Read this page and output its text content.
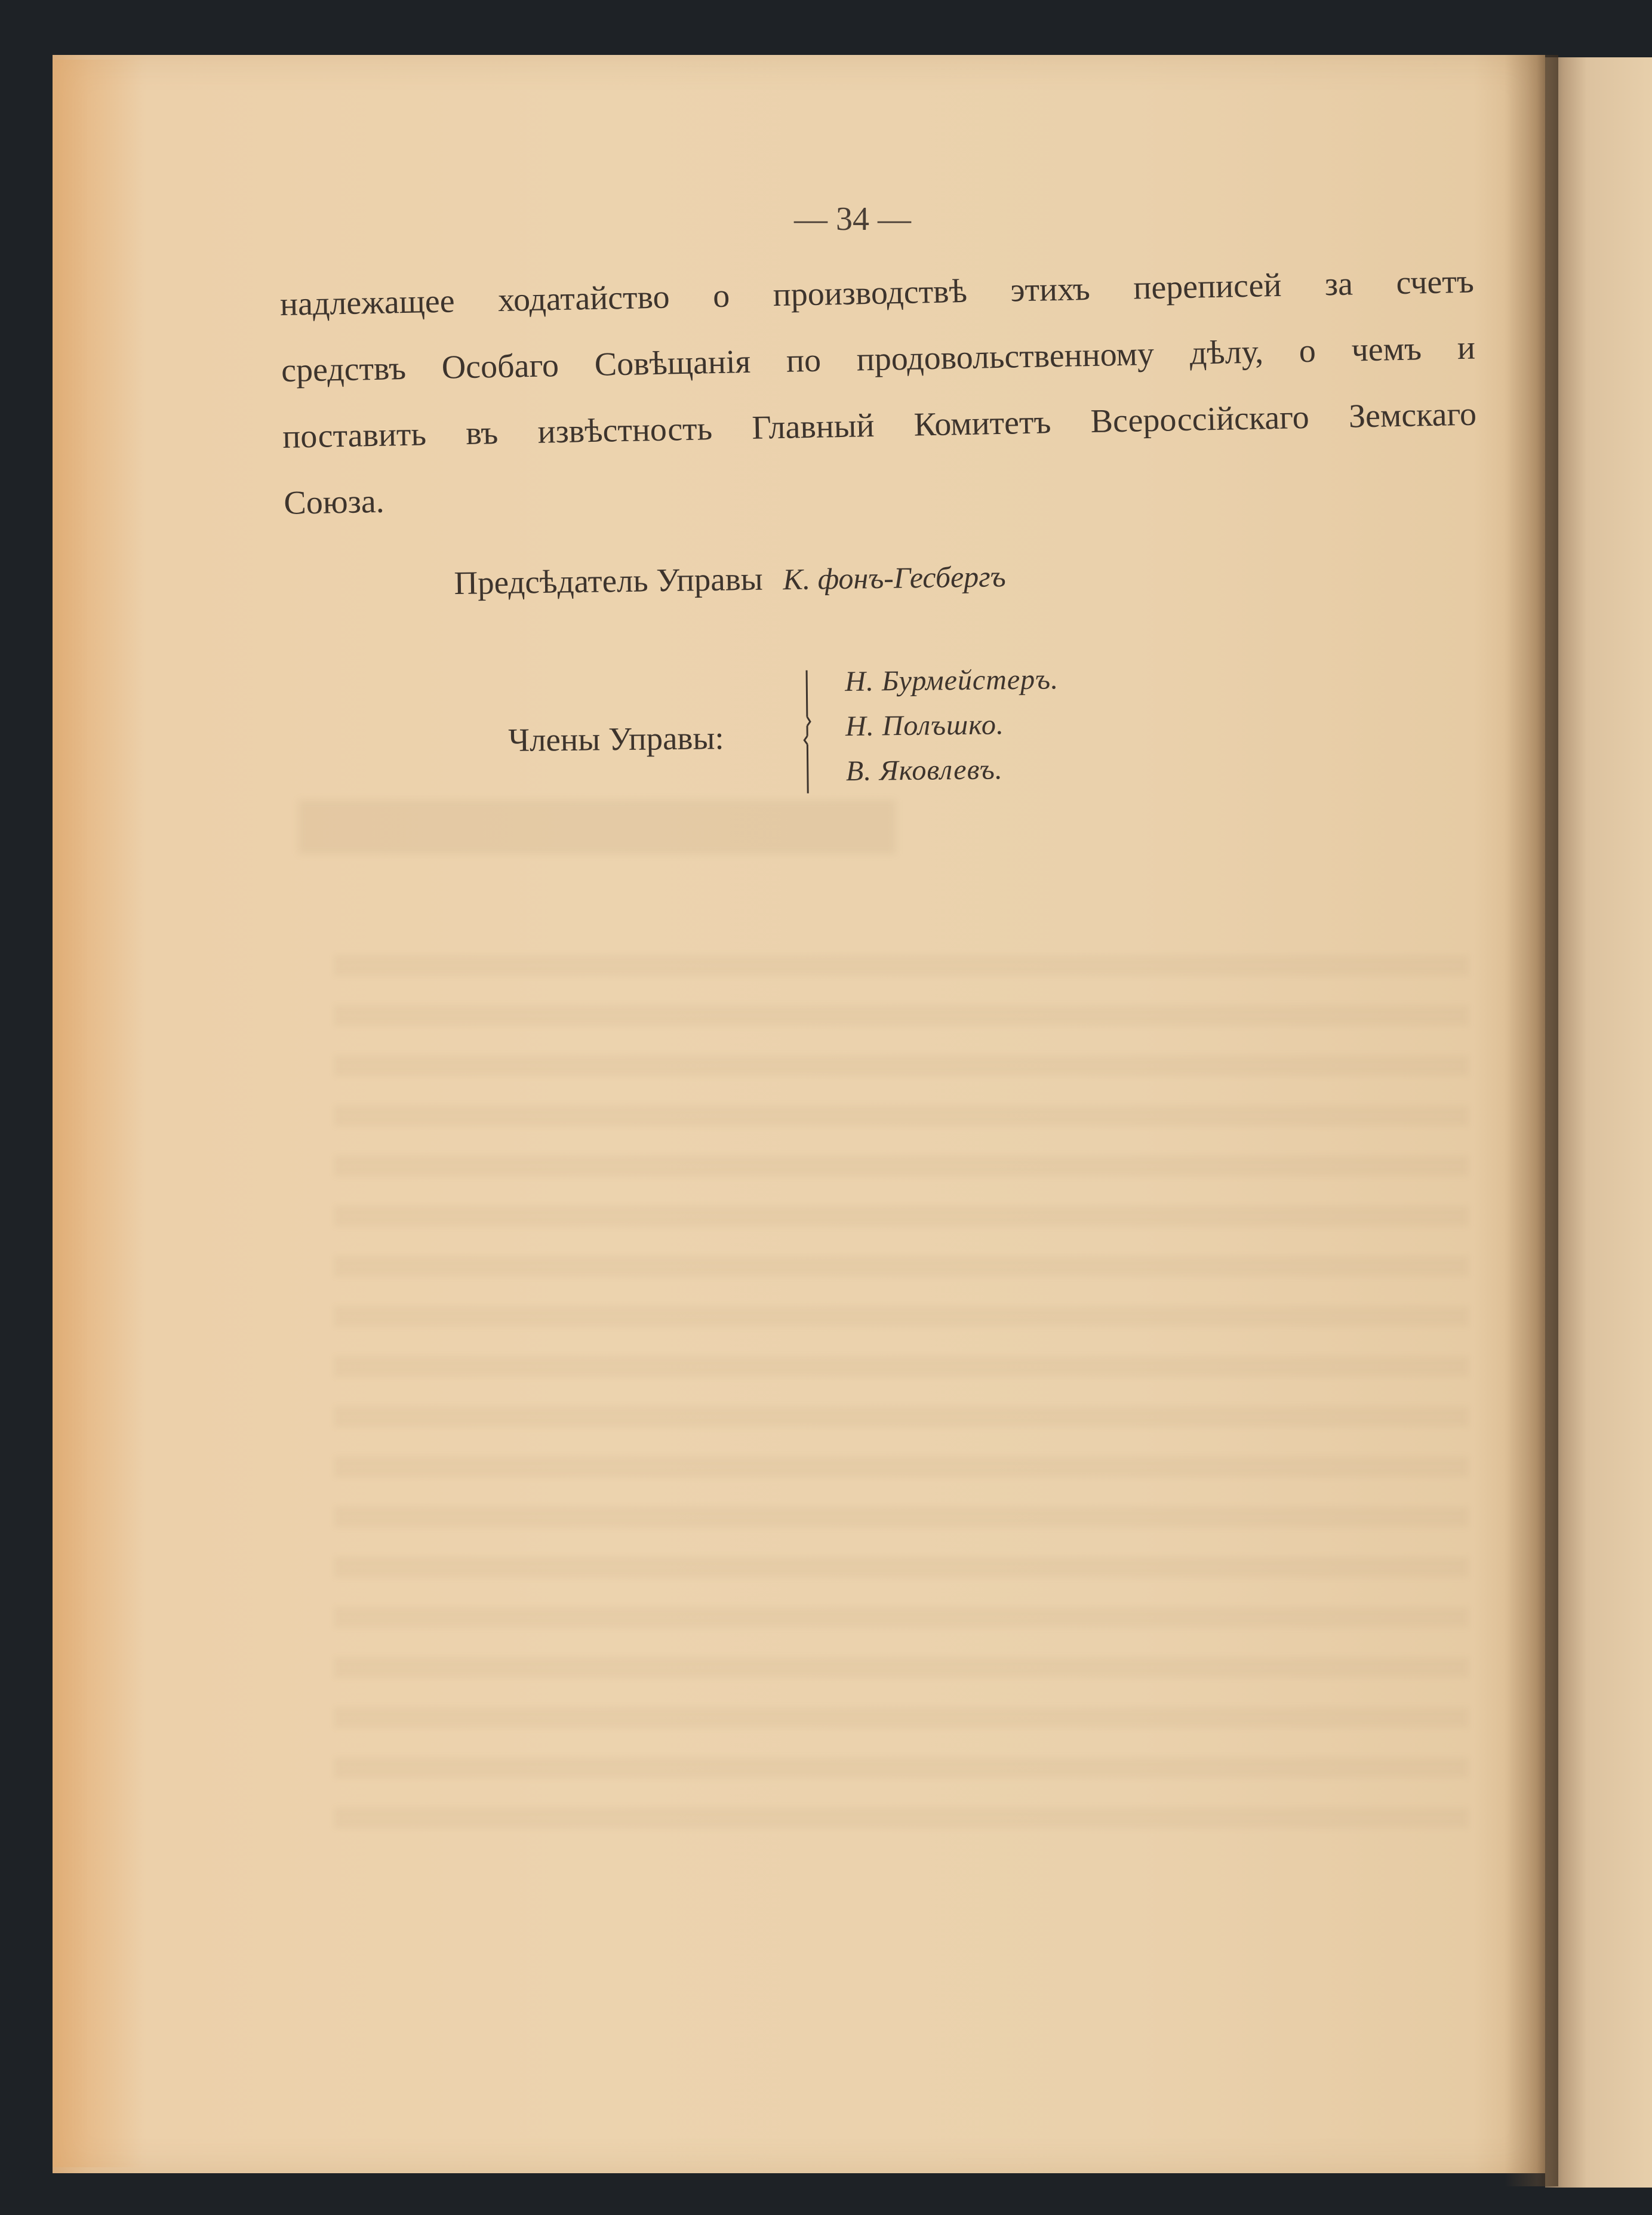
— 34 —
надлежащее ходатайство о производствѣ этихъ переписей за счетъ
средствъ Особаго Совѣщанія по продовольственному дѣлу, о чемъ и
поставить въ извѣстность Главный Комитетъ Всероссійскаго Земскаго
Союза.
Предсѣдатель Управы К. фонъ-Гесбергъ
Члены Управы:
Н. Бурмейстеръ.
Н. Полъшко.
В. Яковлевъ.
